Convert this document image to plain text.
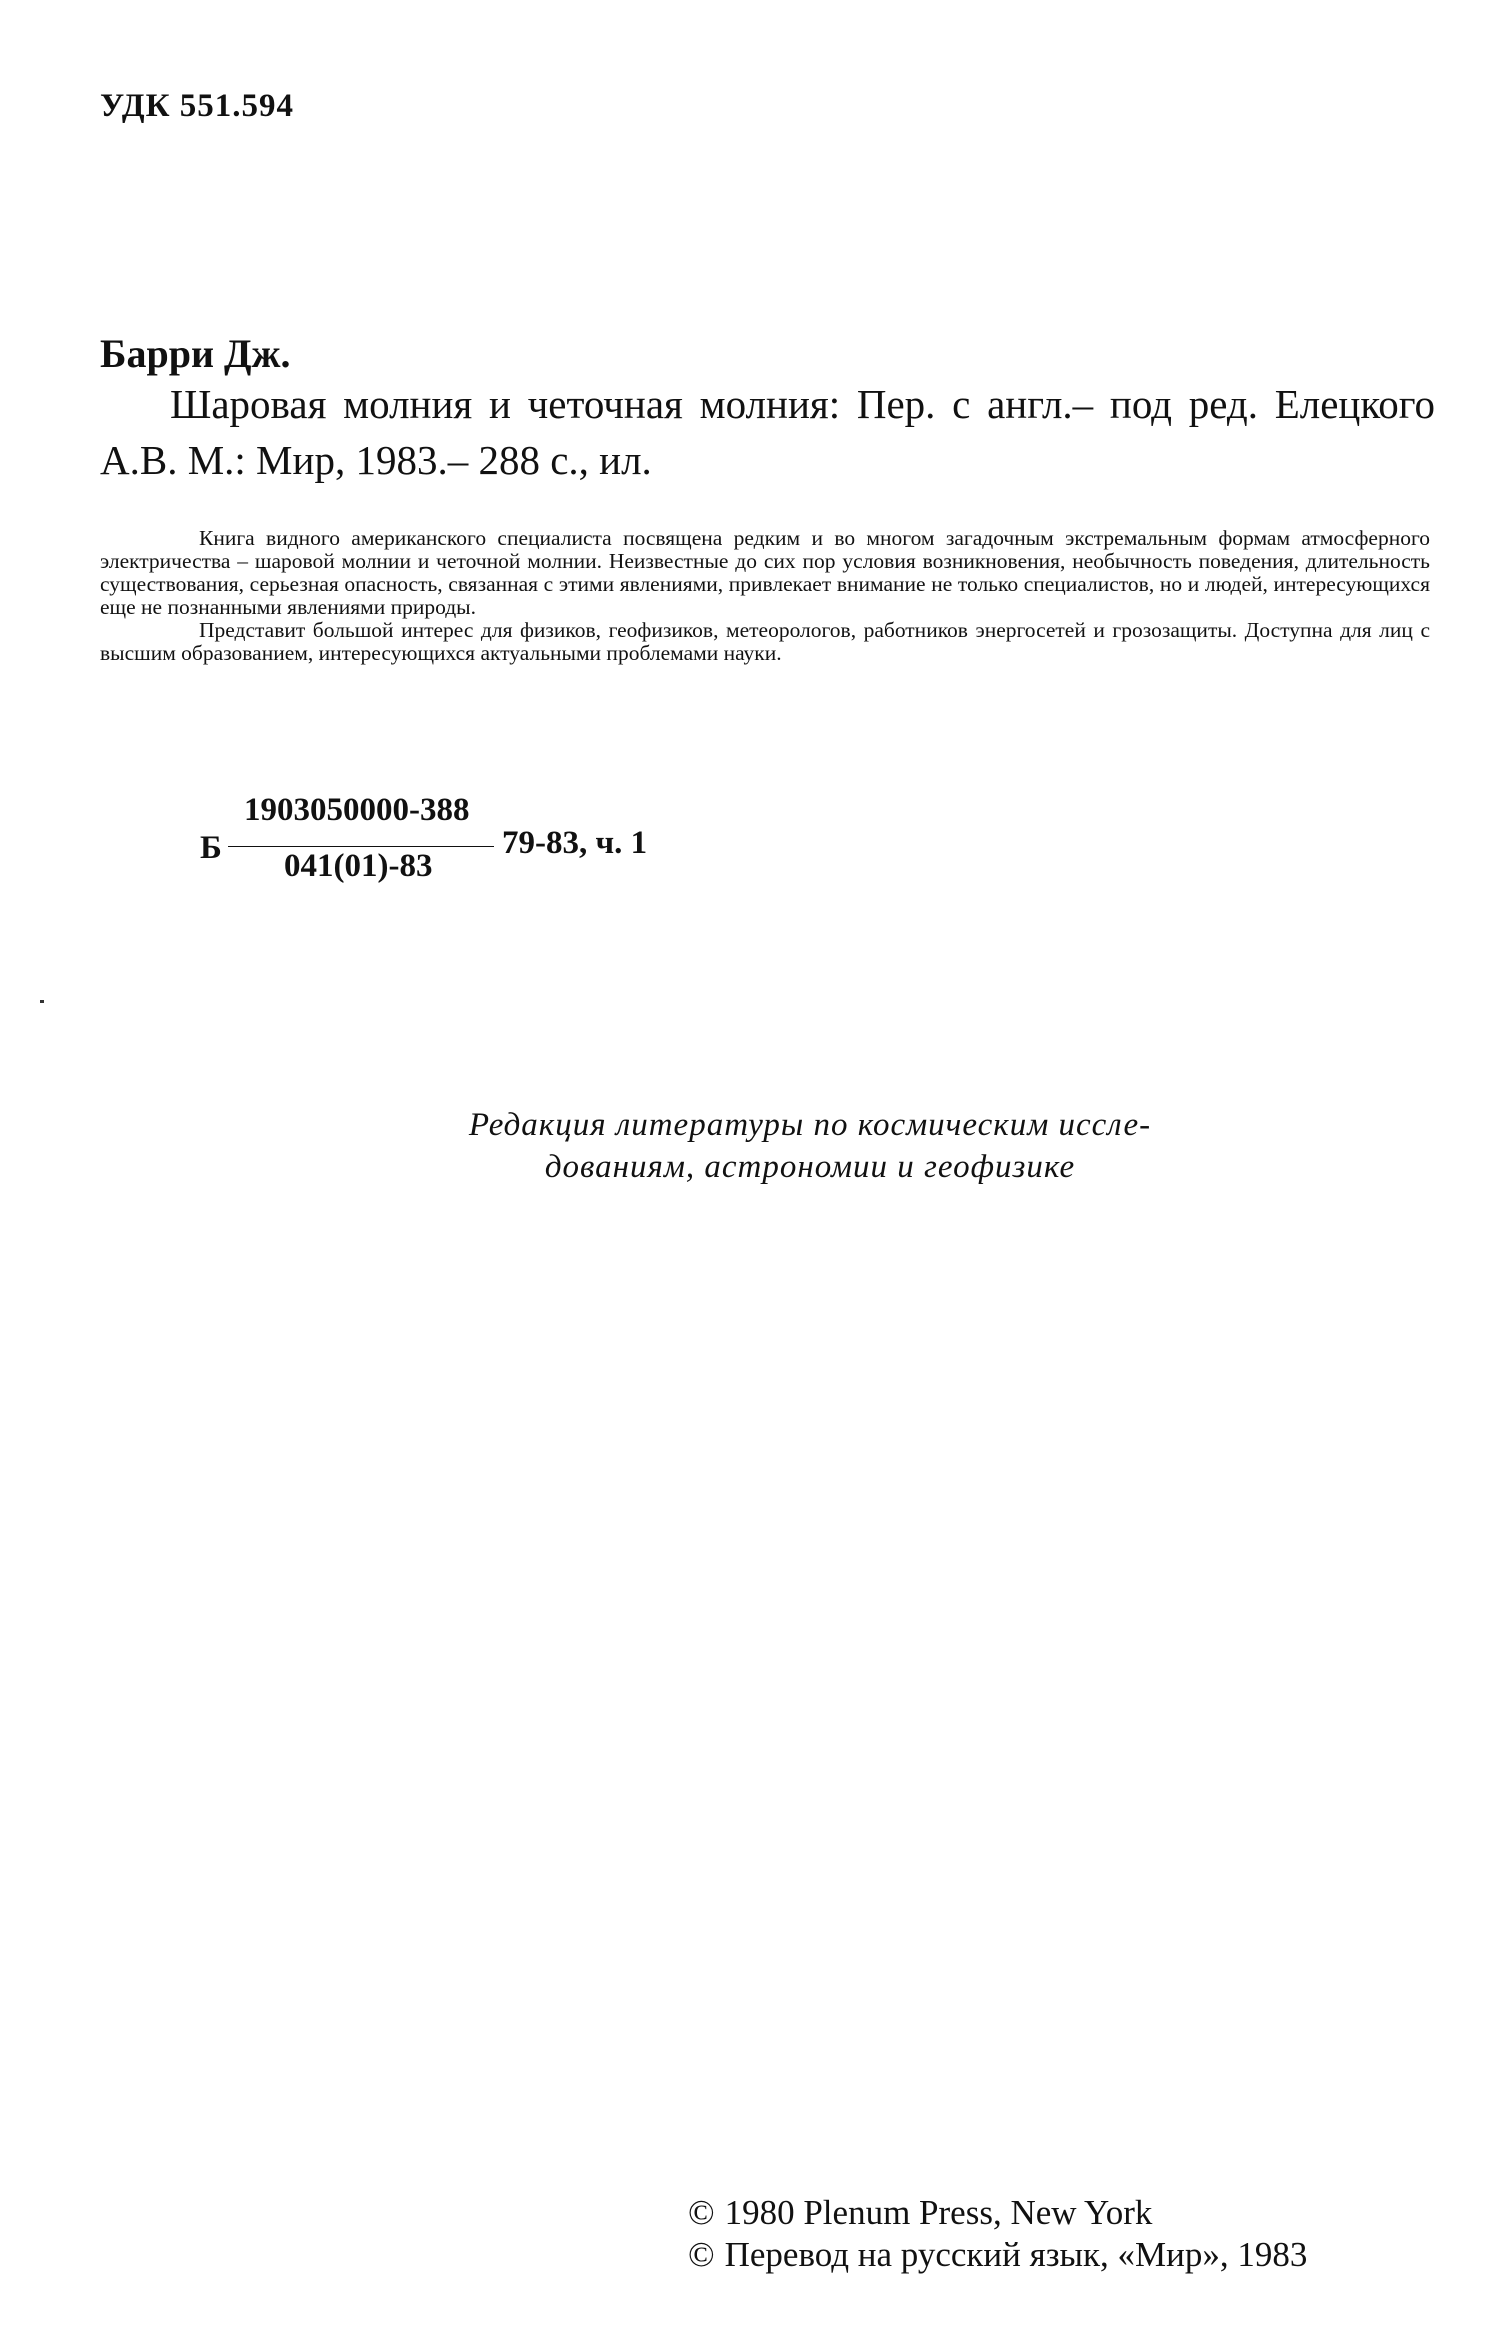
УДК 551.594
Барри Дж.
Шаровая молния и четочная молния: Пер. с англ.– под ред. Елецкого А.В. М.: Мир, 1983.– 288 с., ил.

Книга видного американского специалиста посвящена редким и во многом загадочным экстремальным формам атмосферного электричества – шаровой молнии и четочной молнии. Неизвестные до сих пор условия возникновения, необычность поведения, длительность существования, серьезная опасность, связанная с этими явлениями, привлекает внимание не только специалистов, но и людей, интересующихся еще не познанными явлениями природы.

Представит большой интерес для физиков, геофизиков, метеорологов, работников энергосетей и грозозащиты. Доступна для лиц с высшим образованием, интересующихся актуальными проблемами науки.

Б
1903050000-388
041(01)-83
79-83, ч. 1
Редакция литературы по космическим иссле-
дованиям, астрономии и геофизике
© 1980 Plenum Press, New York
© Перевод на русский язык, «Мир», 1983
